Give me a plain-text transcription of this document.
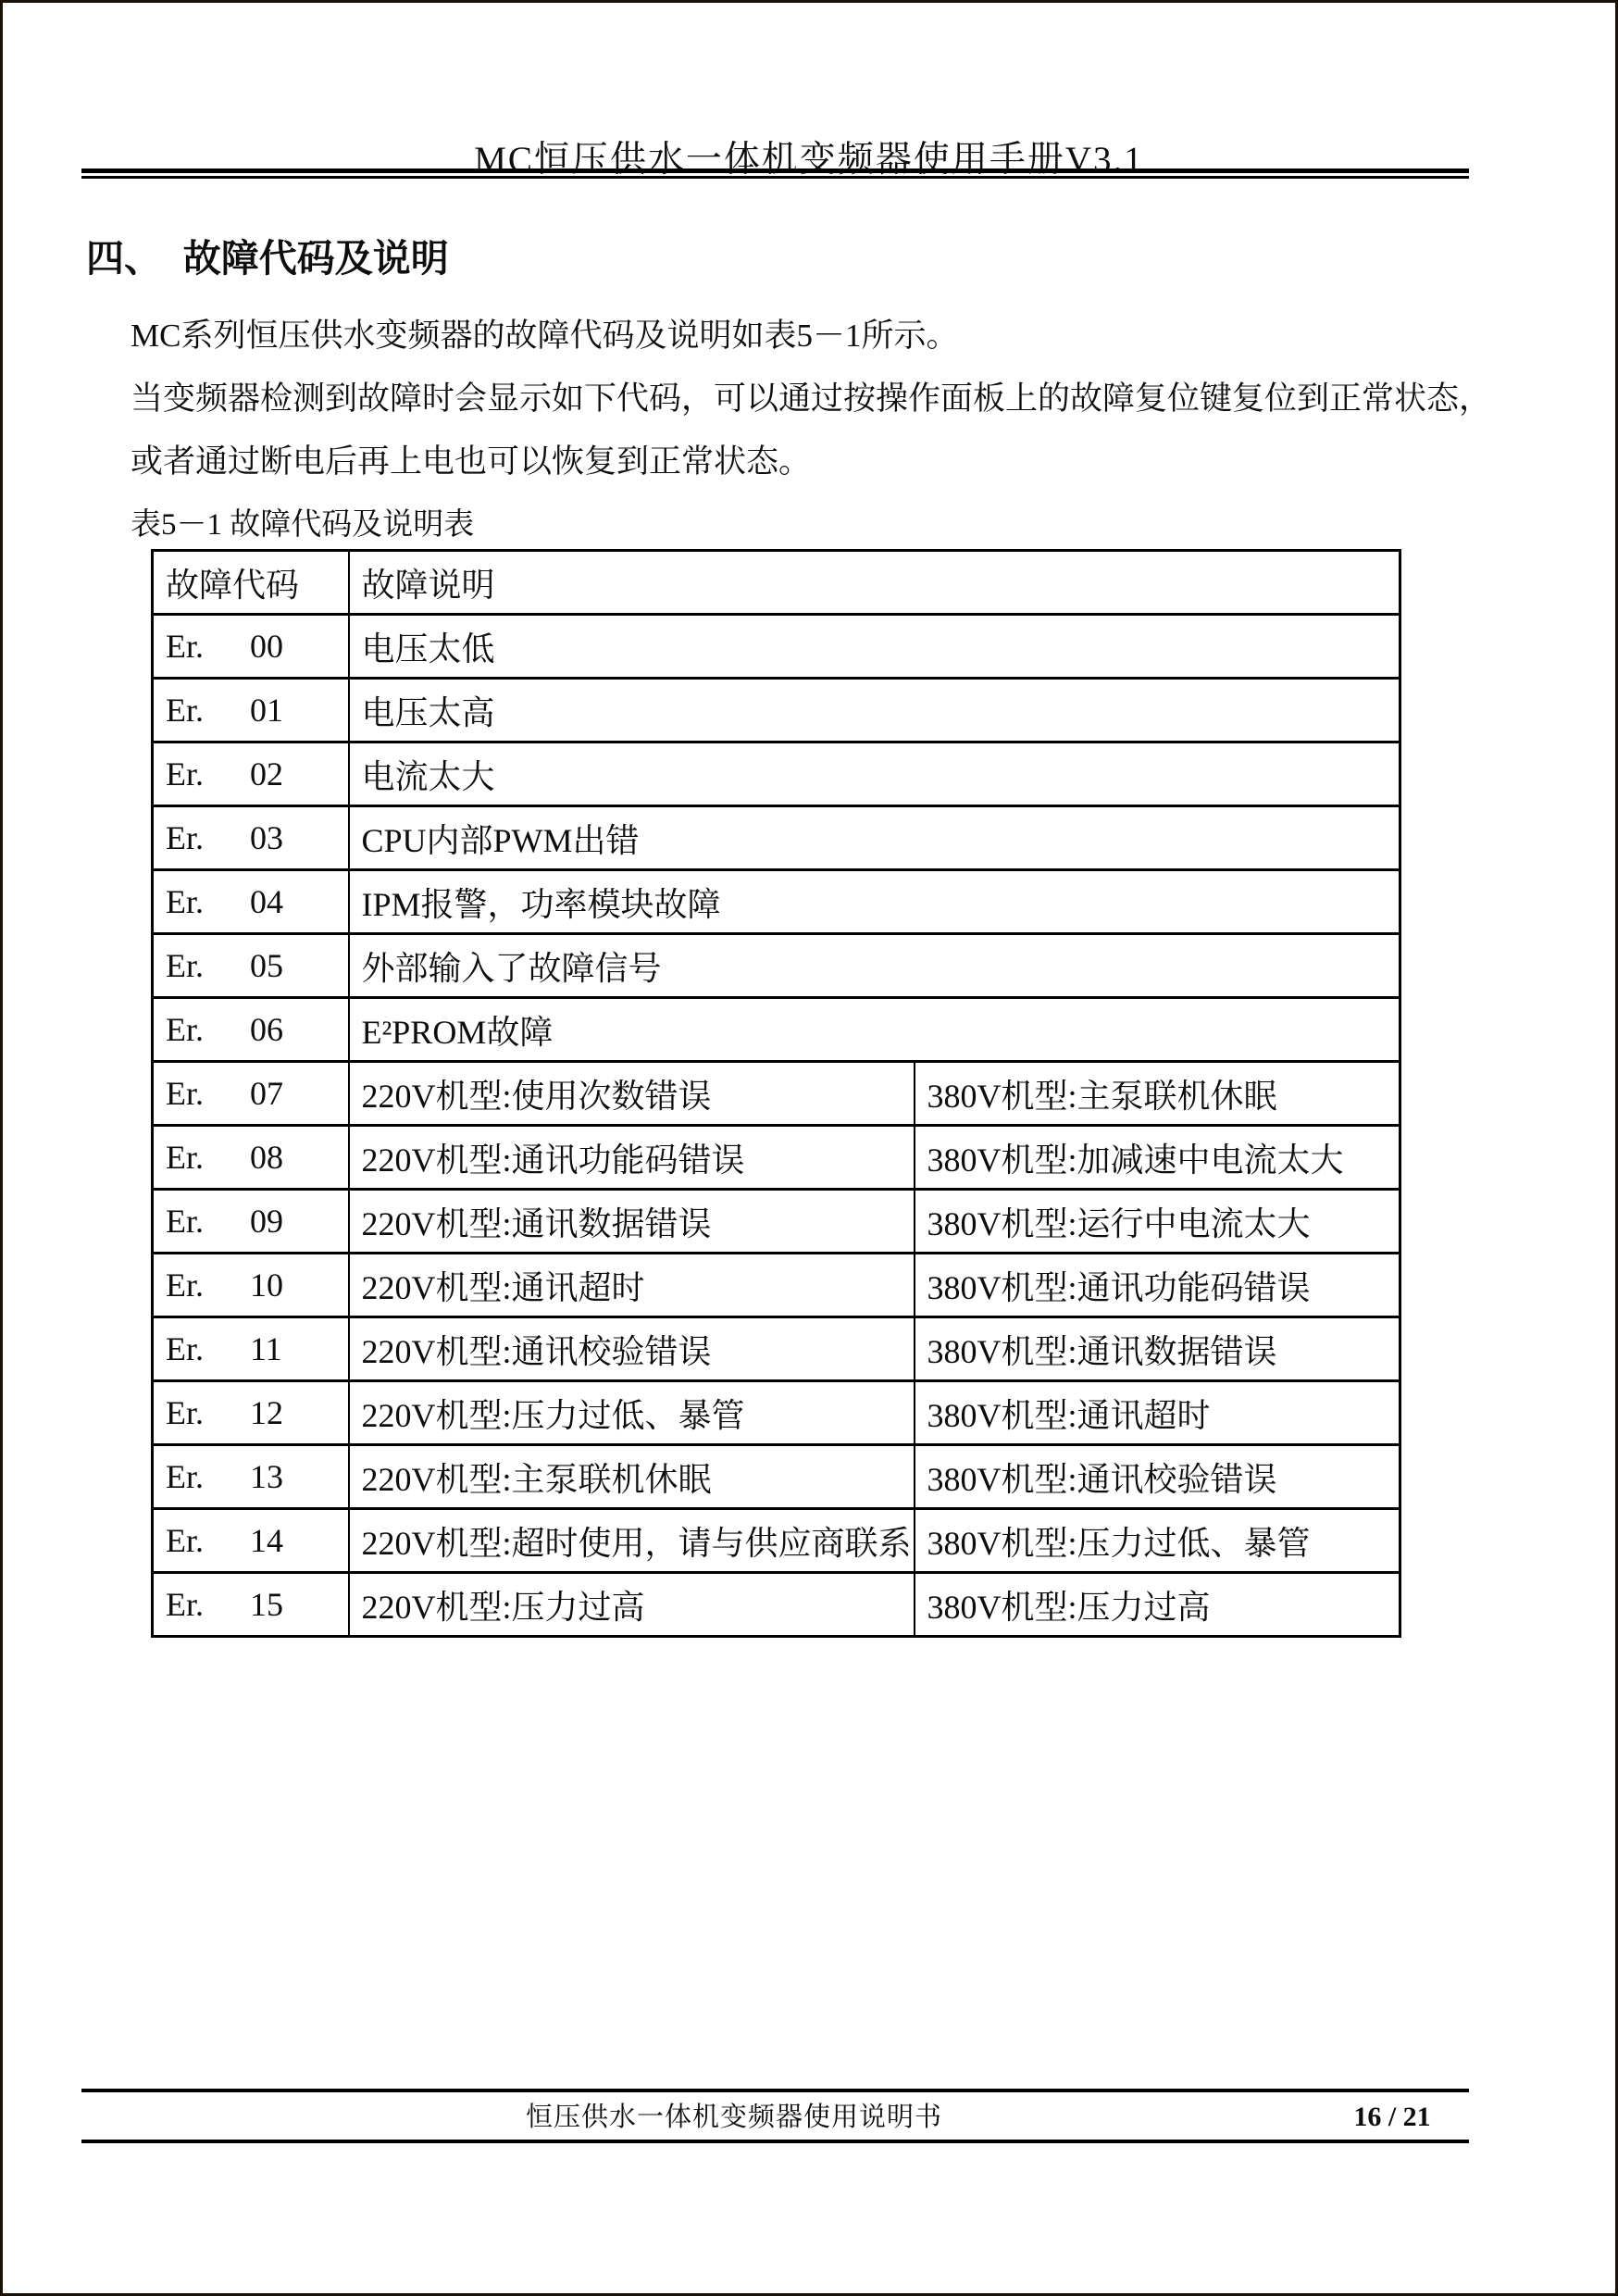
MC恒压供水一体机变频器使用手册V3.1
四、  故障代码及说明
MC系列恒压供水变频器的故障代码及说明如表5－1所示。
当变频器检测到故障时会显示如下代码，可以通过按操作面板上的故障复位键复位到正常状态，
或者通过断电后再上电也可以恢复到正常状态。
表5－1 故障代码及说明表
故障代码	故障说明	
Er. 00	电压太低	
Er. 01	电压太高	
Er. 02	电流太大	
Er. 03	CPU内部PWM出错	
Er. 04	IPM报警，功率模块故障	
Er. 05	外部输入了故障信号	
Er. 06	E²PROM故障	
Er. 07	220V机型:使用次数错误	380V机型:主泵联机休眠
Er. 08	220V机型:通讯功能码错误	380V机型:加减速中电流太大
Er. 09	220V机型:通讯数据错误	380V机型:运行中电流太大
Er. 10	220V机型:通讯超时	380V机型:通讯功能码错误
Er. 11	220V机型:通讯校验错误	380V机型:通讯数据错误
Er. 12	220V机型:压力过低、暴管	380V机型:通讯超时
Er. 13	220V机型:主泵联机休眠	380V机型:通讯校验错误
Er. 14	220V机型:超时使用，请与供应商联系	380V机型:压力过低、暴管
Er. 15	220V机型:压力过高	380V机型:压力过高
恒压供水一体机变频器使用说明书	16 / 21
